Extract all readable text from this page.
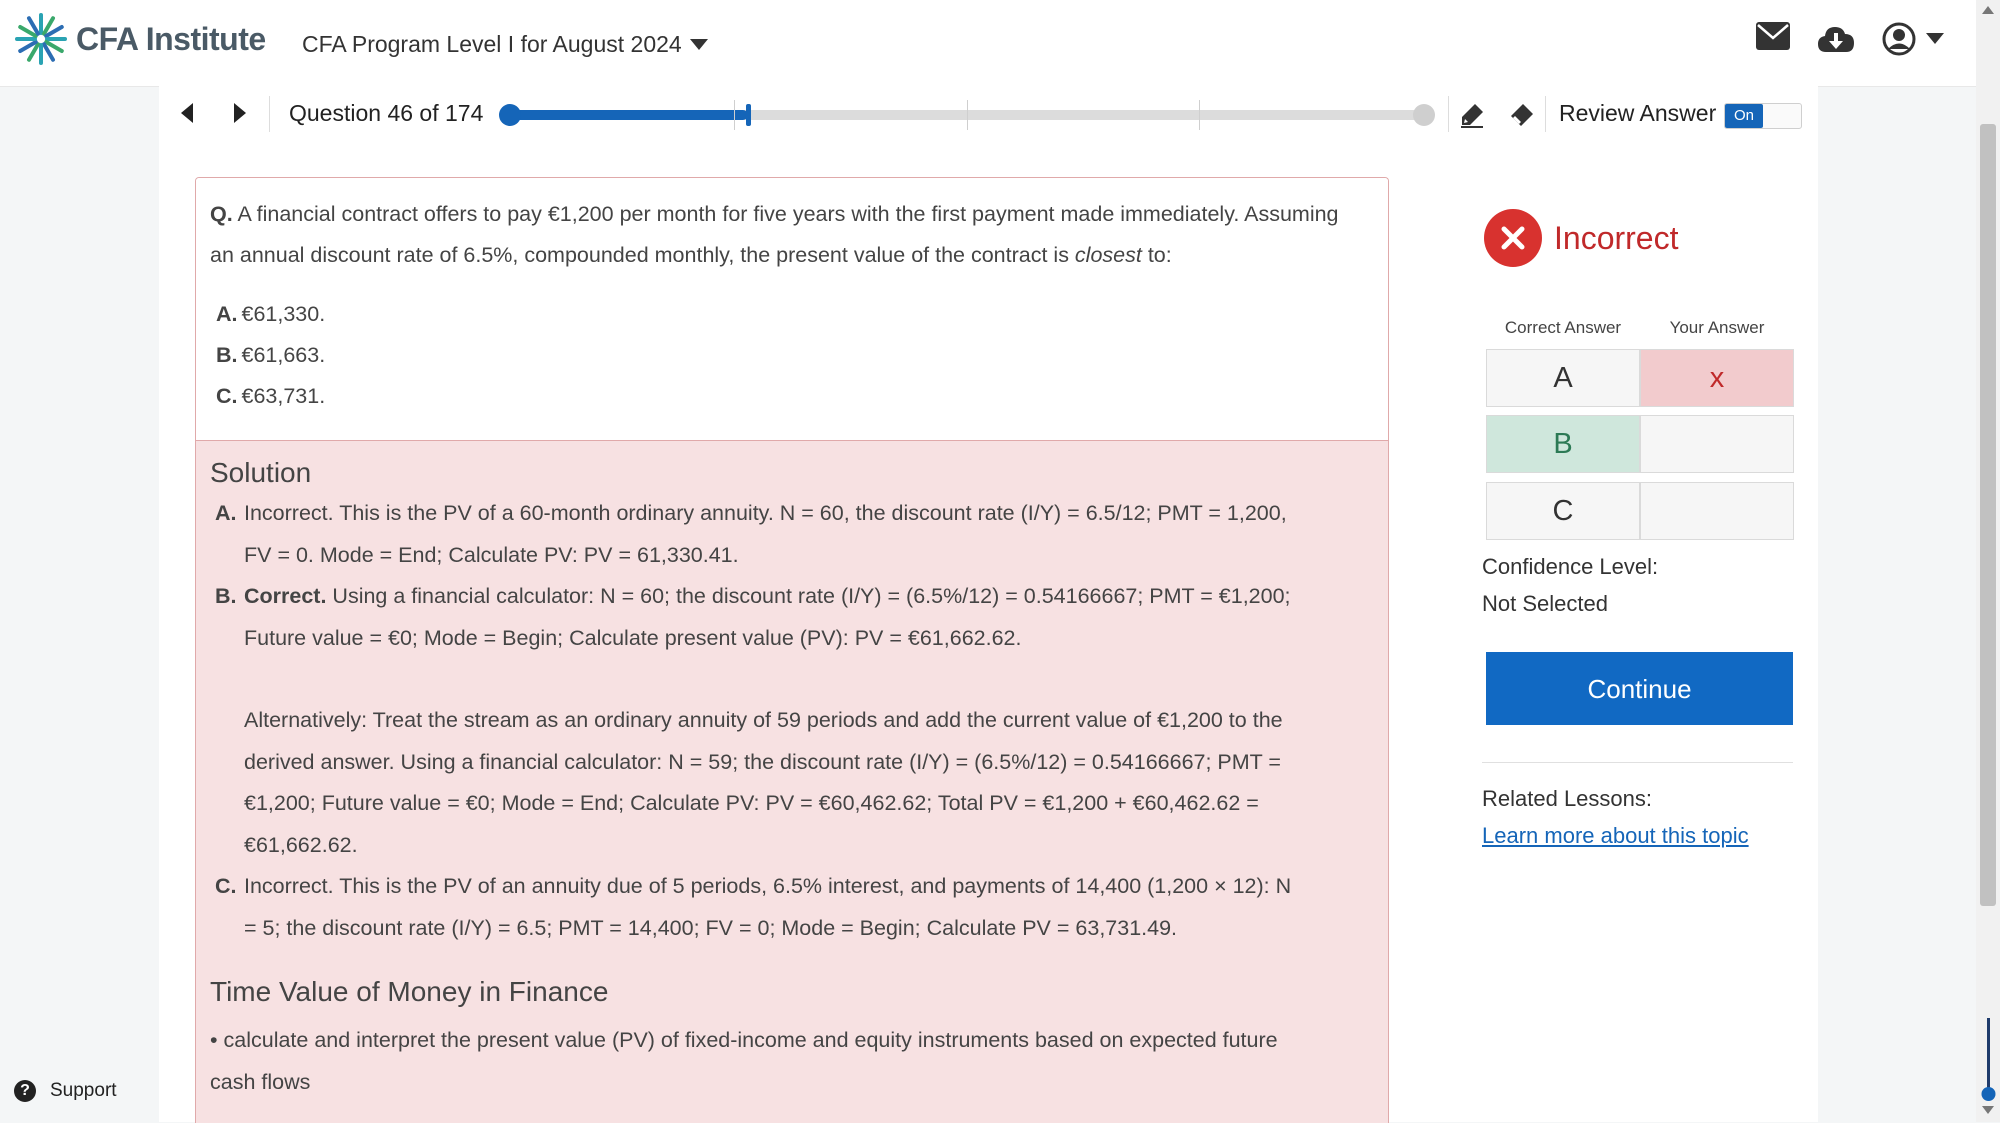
CFA Institute CFA Program Level I for August 2024
Question 46 of 174	Review Answer	On
Q. A financial contract offers to pay €1,200 per month for five years with the first payment made immediately. Assuming an annual discount rate of 6.5%, compounded monthly, the present value of the contract is closest to:
A. €61,330.
B. €61,663.
C. €63,731.
Solution
A. Incorrect. This is the PV of a 60-month ordinary annuity. N = 60, the discount rate (I/Y) = 6.5/12; PMT = 1,200,
FV = 0. Mode = End; Calculate PV: PV = 61,330.41.
B. Correct. Using a financial calculator: N = 60; the discount rate (I/Y) = (6.5%/12) = 0.54166667; PMT = €1,200;
Future value = €0; Mode = Begin; Calculate present value (PV): PV = €61,662.62.
Alternatively: Treat the stream as an ordinary annuity of 59 periods and add the current value of €1,200 to the
derived answer. Using a financial calculator: N = 59; the discount rate (I/Y) = (6.5%/12) = 0.54166667; PMT =
€1,200; Future value = €0; Mode = End; Calculate PV: PV = €60,462.62; Total PV = €1,200 + €60,462.62 =
€61,662.62.
C. Incorrect. This is the PV of an annuity due of 5 periods, 6.5% interest, and payments of 14,400 (1,200 × 12): N
= 5; the discount rate (I/Y) = 6.5; PMT = 14,400; FV = 0; Mode = Begin; Calculate PV = 63,731.49.
Time Value of Money in Finance
• calculate and interpret the present value (PV) of fixed-income and equity instruments based on expected future
cash flows
Incorrect
Correct Answer	Your Answer
A	x
B
C
Confidence Level:
Not Selected
Continue
Related Lessons:
Learn more about this topic
?	Support
